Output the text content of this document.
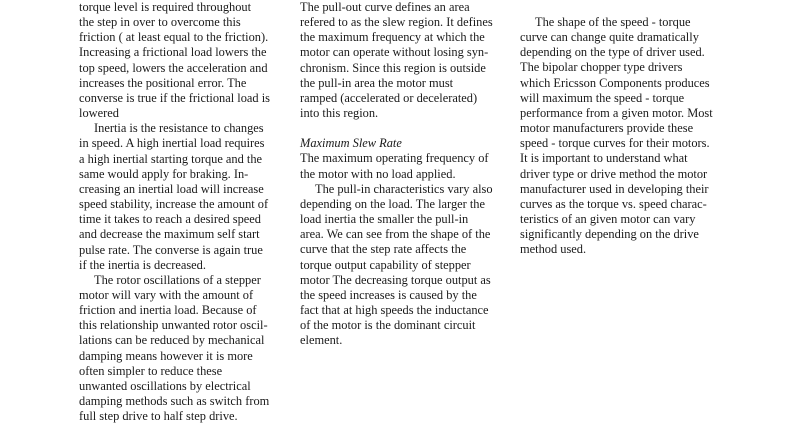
torque level is required throughout
the step in over to overcome this
friction ( at least equal to the friction).
Increasing a frictional load lowers the
top speed, lowers the acceleration and
increases the positional error. The
converse is true if the frictional load is
lowered

Inertia is the resistance to changes
in speed. A high inertial load requires
a high inertial starting torque and the
same would apply for braking. In-
creasing an inertial load will increase
speed stability, increase the amount of
time it takes to reach a desired speed
and decrease the maximum self start
pulse rate. The converse is again true
if the inertia is decreased.

The rotor oscillations of a stepper
motor will vary with the amount of
friction and inertia load. Because of
this relationship unwanted rotor oscil-
lations can be reduced by mechanical
damping means however it is more
often simpler to reduce these
unwanted oscillations by electrical
damping methods such as switch from
full step drive to half step drive.

The pull-out curve defines an area
refered to as the slew region. It defines
the maximum frequency at which the
motor can operate without losing syn-
chronism. Since this region is outside
the pull-in area the motor must
ramped (accelerated or decelerated)
into this region.

Maximum Slew Rate

The maximum operating frequency of
the motor with no load applied.

The pull-in characteristics vary also
depending on the load. The larger the
load inertia the smaller the pull-in
area. We can see from the shape of the
curve that the step rate affects the
torque output capability of stepper
motor The decreasing torque output as
the speed increases is caused by the
fact that at high speeds the inductance
of the motor is the dominant circuit
element.

The shape of the speed - torque
curve can change quite dramatically
depending on the type of driver used.
The bipolar chopper type drivers
which Ericsson Components produces
will maximum the speed - torque
performance from a given motor. Most
motor manufacturers provide these
speed - torque curves for their motors.
It is important to understand what
driver type or drive method the motor
manufacturer used in developing their
curves as the torque vs. speed charac-
teristics of an given motor can vary
significantly depending on the drive
method used.
